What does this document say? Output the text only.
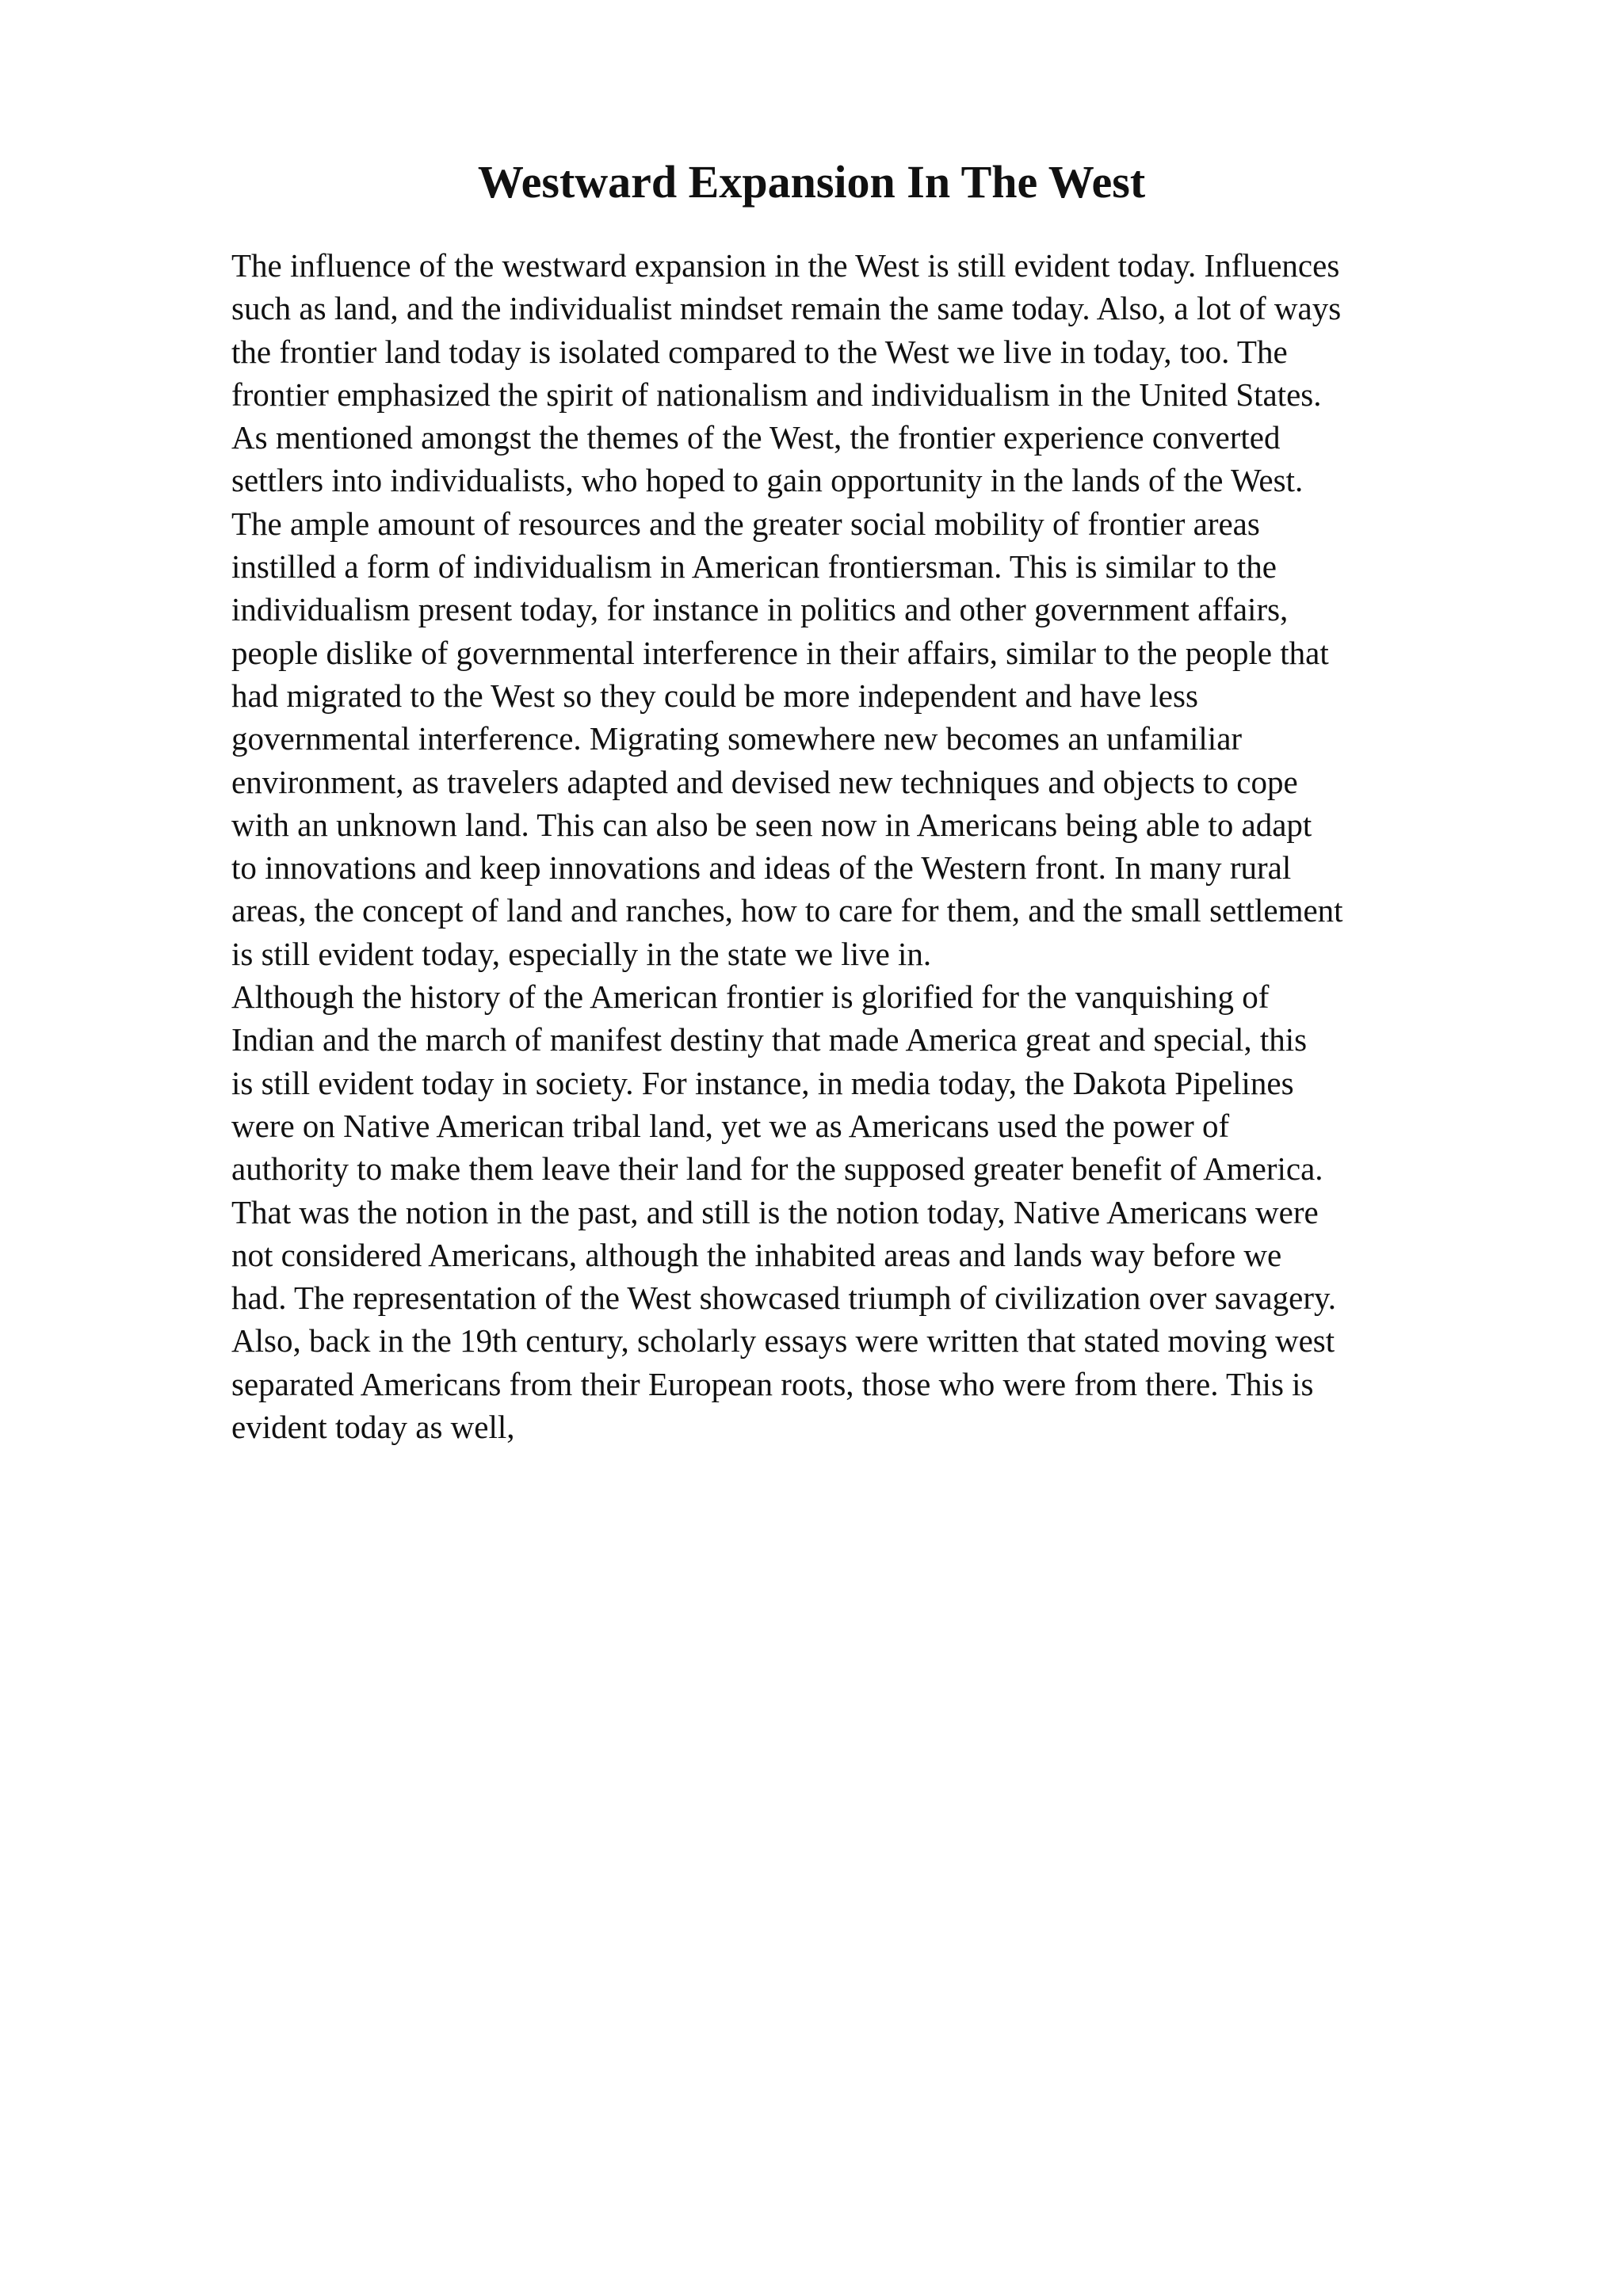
Westward Expansion In The West
The influence of the westward expansion in the West is still evident today. Influences
such as land, and the individualist mindset remain the same today. Also, a lot of ways
the frontier land today is isolated compared to the West we live in today, too. The
frontier emphasized the spirit of nationalism and individualism in the United States.
As mentioned amongst the themes of the West, the frontier experience converted
settlers into individualists, who hoped to gain opportunity in the lands of the West.
The ample amount of resources and the greater social mobility of frontier areas
instilled a form of individualism in American frontiersman. This is similar to the
individualism present today, for instance in politics and other government affairs,
people dislike of governmental interference in their affairs, similar to the people that
had migrated to the West so they could be more independent and have less
governmental interference. Migrating somewhere new becomes an unfamiliar
environment, as travelers adapted and devised new techniques and objects to cope
with an unknown land. This can also be seen now in Americans being able to adapt
to innovations and keep innovations and ideas of the Western front. In many rural
areas, the concept of land and ranches, how to care for them, and the small settlement
is still evident today, especially in the state we live in.
Although the history of the American frontier is glorified for the vanquishing of
Indian and the march of manifest destiny that made America great and special, this
is still evident today in society. For instance, in media today, the Dakota Pipelines
were on Native American tribal land, yet we as Americans used the power of
authority to make them leave their land for the supposed greater benefit of America.
That was the notion in the past, and still is the notion today, Native Americans were
not considered Americans, although the inhabited areas and lands way before we
had. The representation of the West showcased triumph of civilization over savagery.
Also, back in the 19th century, scholarly essays were written that stated moving west
separated Americans from their European roots, those who were from there. This is
evident today as well,
